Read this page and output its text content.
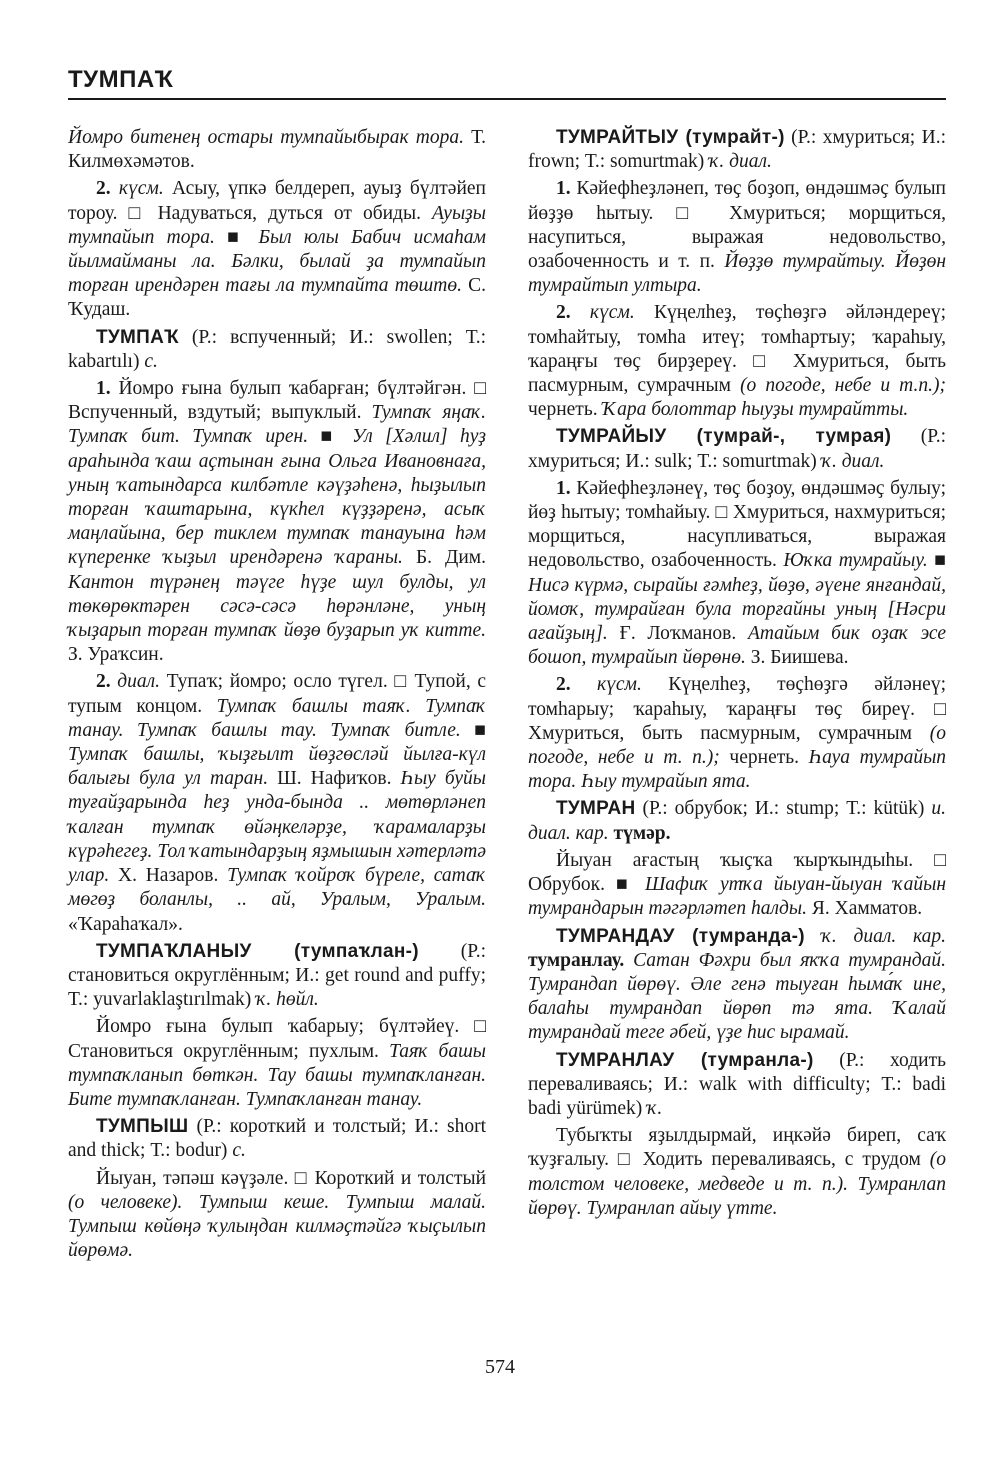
ТУМПАҠ

Йомро битенең остары тумпайыбырак тора. Т. Килмөхәмәтов.

2. күсм. Асыу, үпкә белдереп, ауыҙ бүлтәйеп тороу. □ Надуваться, дуться от обиды. Ауыҙы тумпайып тора. ■ Был юлы Бабич исмаһам йылмайманы ла. Бәлки, былай ҙа тумпайып торған ирендәрен тағы ла тумпайта төштө. С. Ҡудаш.

ТУМПАҠ (Р.: вспученный; И.: swollen; Т.: kabartılı) с.

1. Йомро ғына булып ҡабарған; бүлтәйгән. □ Вспученный, вздутый; выпуклый. Тумпаҡ яңаҡ. Тумпаҡ бит. Тумпаҡ ирен. ■ Ул [Хәлил] һуҙ араһында ҡаш аҫтынан ғына Ольга Ивановнаға, уның ҡатындарса килбәтле кәүҙәһенә, һыҙылып торған ҡаштарына, күкһел күҙҙәренә, асыҡ маңлайына, бер тиклем тумпаҡ танауына һәм күперенке ҡыҙыл ирендәренә ҡараны. Б. Дим. Кантон түрәнең тәүге һүҙе шул булды, ул төкөрөктәрен сәсә-сәсә һөрәнләне, уның ҡыҙарып торған тумпаҡ йөҙө буҙарып уҡ китте. З. Ураҡсин.

2. диал. Тупаҡ; йомро; осло түгел. □ Тупой, с тупым концом. Тумпаҡ башлы таяҡ. Тумпаҡ танау. Тумпаҡ башлы тау. Тумпаҡ битле. ■ Тумпаҡ башлы, ҡыҙғылт йөҙгөсләй йылға-күл балығы була ул таран. Ш. Нафиҡов. Һыу буйы туғайҙарында һеҙ унда-бында .. мөтөрләнеп ҡалған тумпаҡ өйәңкеләрҙе, ҡарамаларҙы күрәһегеҙ. Тол ҡатындарҙың яҙмышын хәтерләтә улар. Х. Назаров. Тумпаҡ ҡойроҡ бүреле, сатаҡ мөгөҙ боланлы, .. ай, Уралым, Уралым. «Ҡараһаҡал».

ТУМПАҠЛАНЫУ (тумпаҡлан-) (Р.: становиться округлённым; И.: get round and puffy; Т.: yuvarlaklaştırılmak) ҡ. һөйл.

Йомро ғына булып ҡабарыу; бүлтәйеү. □ Становиться округлённым; пухлым. Таяҡ башы тумпаҡланып бөткән. Тау башы тумпаҡланған. Бите тумпаҡланған. Тумпаҡланған танау.

ТУМПЫШ (Р.: короткий и толстый; И.: short and thick; Т.: bodur) с.

Йыуан, тәпәш кәүҙәле. □ Короткий и толстый (о человеке). Тумпыш кеше. Тумпыш малай. Тумпыш көйөңә ҡулыңдан килмәҫтәйгә ҡыҫылып йөрөмә.

ТУМРАЙТЫУ (тумрайт-) (Р.: хмуриться; И.: frown; Т.: somurtmak) ҡ. диал.

1. Кәйефһеҙләнеп, төҫ боҙоп, өндәшмәҫ булып йөҙҙө һытыу. □ Хмуриться; морщиться, насупиться, выражая недовольство, озабоченность и т. п. Йөҙҙө тумрайтыу. Йөҙөн тумрайтып ултыра.

2. күсм. Күңелһеҙ, төҫһөҙгә әйләндереү; томһайтыу, томһа итеү; томһартыу; ҡараһыу, ҡараңғы төҫ бирҙереү. □ Хмуриться, быть пасмурным, сумрачным (о погоде, небе и т.п.); чернеть. Ҡара болоттар һыуҙы тумрайтты.

ТУМРАЙЫУ (тумрай-, тумрая) (Р.: хмуриться; И.: sulk; Т.: somurtmak) ҡ. диал.

1. Кәйефһеҙләнеү, төҫ боҙоу, өндәшмәҫ булыу; йөҙ һытыу; томһайыу. □ Хмуриться, нахмуриться; морщиться, насупливаться, выражая недовольство, озабоченность. Юҡка тумрайыу. ■ Нисә күрмә, сырайы ғәмһеҙ, йөҙө, әүене янғандай, йомоҡ, тумрайған була торғайны уның [Нәсри ағайҙың]. Ғ. Лоҡманов. Атайым бик оҙаҡ эсе бошоп, тумрайып йөрөнө. З. Биишева.

2. күсм. Күңелһеҙ, төҫһөҙгә әйләнеү; томһарыу; ҡараһыу, ҡараңғы төҫ биреү. □ Хмуриться, быть пасмурным, сумрачным (о погоде, небе и т. п.); чернеть. Һауа тумрайып тора. Һыу тумрайып ята.

ТУМРАН (Р.: обрубок; И.: stump; Т.: kütük) и. диал. кар. түмәр.

Йыуан ағастың ҡыҫҡа ҡырҡындыһы. □ Обрубок. ■ Шафиҡ утҡа йыуан-йыуан ҡайын тумрандарын тәгәрләтеп һалды. Я. Хамматов.

ТУМРАНДАУ (тумранда-) ҡ. диал. кар. тумранлау. Сатан Фәхри был яҡҡа тумрандай. Тумрандап йөрөү. Әле генә тыуған һыма́ҡ ине, балаһы тумрандап йөрөп тә ята. Ҡалай тумрандай теге әбей, үҙе һис ырамай.

ТУМРАНЛАУ (тумранла-) (Р.: ходить переваливаясь; И.: walk with difficulty; Т.: badi badi yürümek) ҡ.

Тубыҡты яҙылдырмай, иңкәйә биреп, саҡ ҡуҙғалыу. □ Ходить переваливаясь, с трудом (о толстом человеке, медведе и т. п.). Тумранлап йөрөү. Тумранлап айыу үтте.

574
